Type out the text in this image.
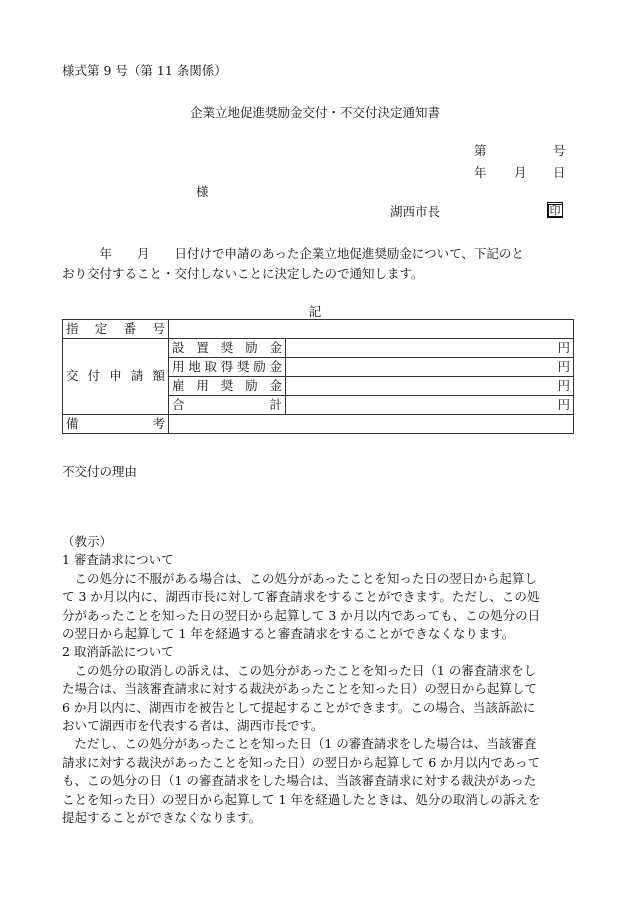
様式第 9 号（第 11 条関係）
企業立地促進奨励金交付・不交付決定通知書
第	号
年 月 日
様
湖西市長	印
　　　年　　月　　日付けで申請のあった企業立地促進奨励金について、下記のと
おり交付すること・交付しないことに決定したので通知します。
記
指　定　番　号		
交 付 申 請 額	設 置 奨 励 金	円
	用地取得奨励金	円
	雇 用 奨 励 金	円
	合　　　計	円
備　　　考		
不交付の理由

（教示）

1 審査請求について

　この処分に不服がある場合は、この処分があったことを知った日の翌日から起算し

て 3 か月以内に、湖西市長に対して審査請求をすることができます。ただし、この処

分があったことを知った日の翌日から起算して 3 か月以内であっても、この処分の日

の翌日から起算して 1 年を経過すると審査請求をすることができなくなります。

2 取消訴訟について

　この処分の取消しの訴えは、この処分があったことを知った日（1 の審査請求をし

た場合は、当該審査請求に対する裁決があったことを知った日）の翌日から起算して

6 か月以内に、湖西市を被告として提起することができます。この場合、当該訴訟に

おいて湖西市を代表する者は、湖西市長です。

　ただし、この処分があったことを知った日（1 の審査請求をした場合は、当該審査

請求に対する裁決があったことを知った日）の翌日から起算して 6 か月以内であって

も、この処分の日（1 の審査請求をした場合は、当該審査請求に対する裁決があった

ことを知った日）の翌日から起算して 1 年を経過したときは、処分の取消しの訴えを

提起することができなくなります。
